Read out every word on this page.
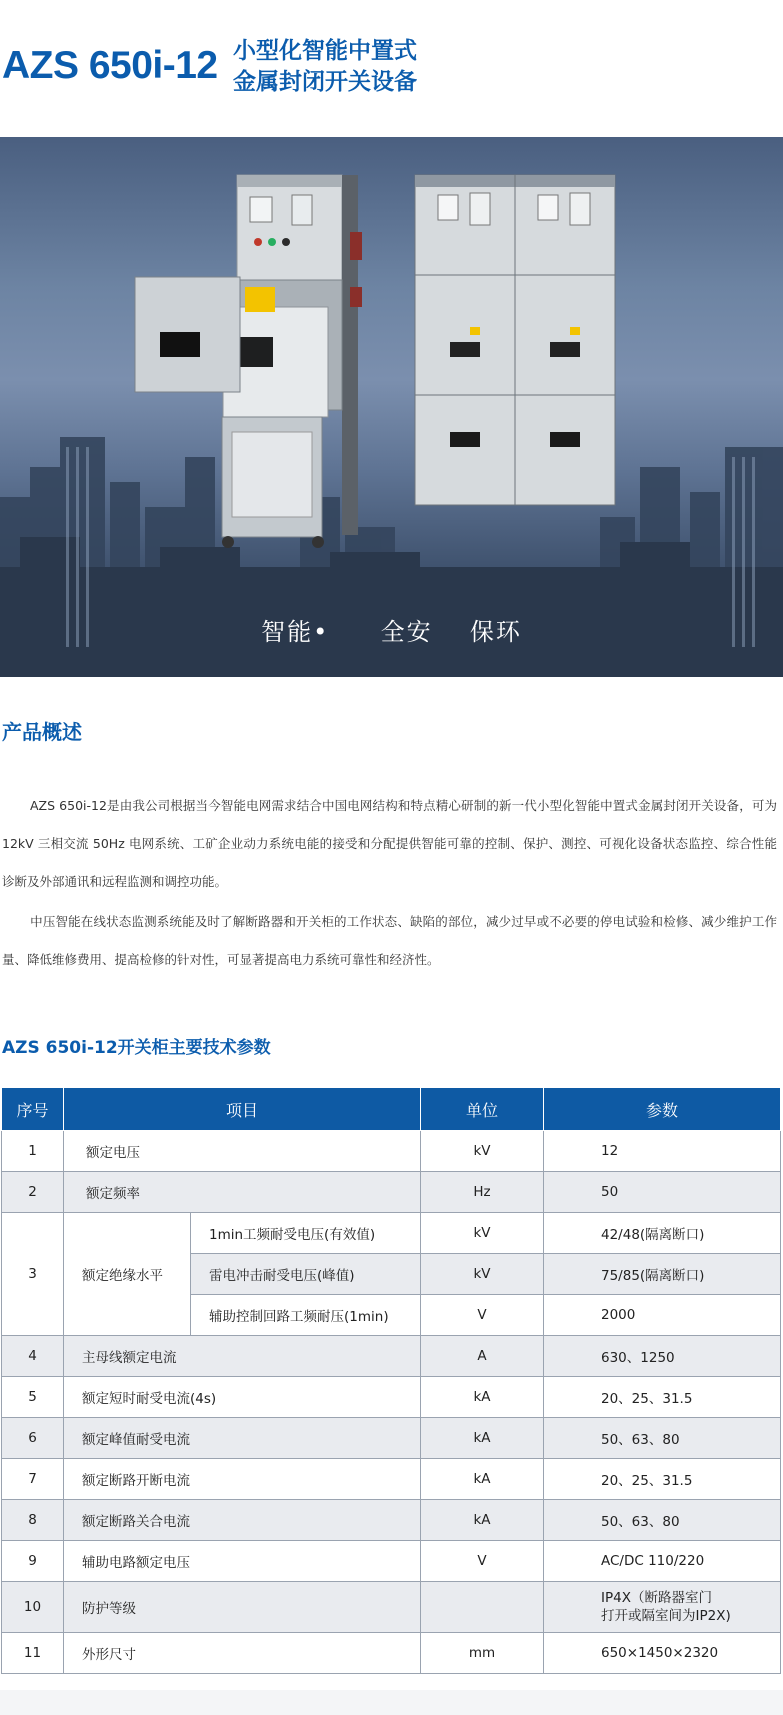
AZS 650i-12 小型化智能中置式
金属封闭开关设备
智能• 全安 保环
产品概述
AZS 650i-12是由我公司根据当今智能电网需求结合中国电网结构和特点精心研制的新一代小型化智能中置式金属封闭开关设备，可为12kV 三相交流 50Hz 电网系统、工矿企业动力系统电能的接受和分配提供智能可靠的控制、保护、测控、可视化设备状态监控、综合性能诊断及外部通讯和远程监测和调控功能。
中压智能在线状态监测系统能及时了解断路器和开关柜的工作状态、缺陷的部位，减少过早或不必要的停电试验和检修、减少维护工作量、降低维修费用、提高检修的针对性，可显著提高电力系统可靠性和经济性。
AZS 650i-12开关柜主要技术参数
序号	项目		单位	参数
1	额定电压		kV	12
2	额定频率		Hz	50
3	额定绝缘水平	1min工频耐受电压(有效值)	kV	42/48(隔离断口)
		雷电冲击耐受电压(峰值)	kV	75/85(隔离断口)
		辅助控制回路工频耐压(1min)	V	2000
4	主母线额定电流		A	630、1250
5	额定短时耐受电流(4s)		kA	20、25、31.5
6	额定峰值耐受电流		kA	50、63、80
7	额定断路开断电流		kA	20、25、31.5
8	额定断路关合电流		kA	50、63、80
9	辅助电路额定电压		V	AC/DC 110/220
10	防护等级			IP4X（断路器室门
打开或隔室间为IP2X)

11	外形尺寸		mm	650×1450×2320
